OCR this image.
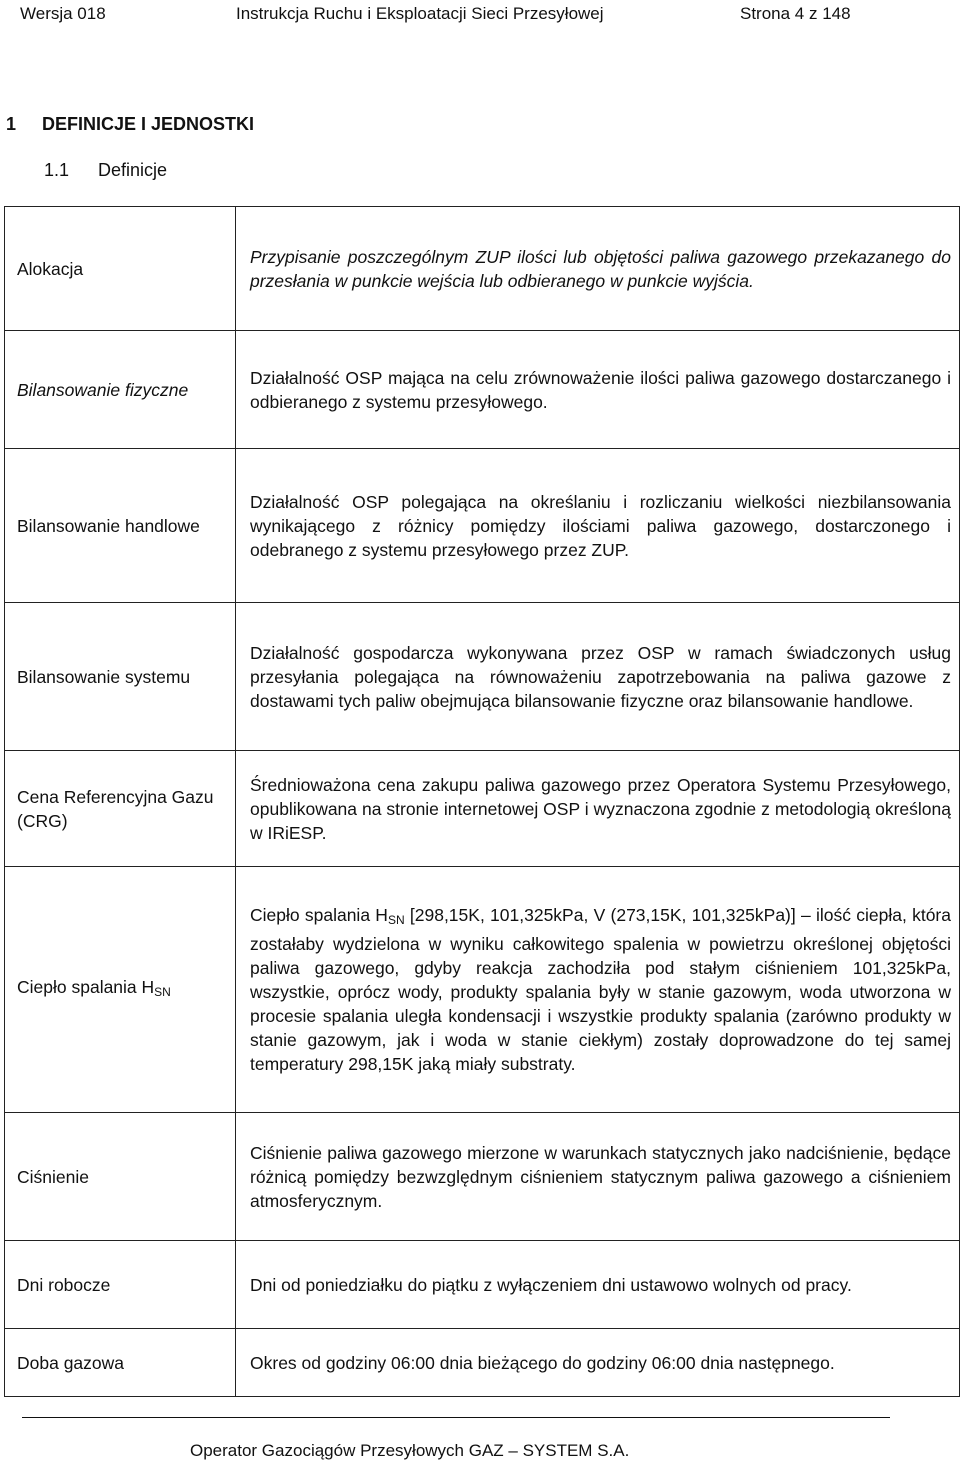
Wersja 018	Instrukcja Ruchu i Eksploatacji Sieci Przesyłowej	Strona 4 z 148
1 DEFINICJE I JEDNOSTKI
1.1 Definicje
Alokacja	Przypisanie poszczególnym ZUP ilości lub objętości paliwa gazowego przekazanego do przesłania w punkcie wejścia lub odbieranego w punkcie wyjścia.
Bilansowanie fizyczne	Działalność OSP mająca na celu zrównoważenie ilości paliwa gazowego dostarczanego i odbieranego z systemu przesyłowego.
Bilansowanie handlowe	Działalność OSP polegająca na określaniu i rozliczaniu wielkości niezbilansowania wynikającego z różnicy pomiędzy ilościami paliwa gazowego, dostarczonego i odebranego z systemu przesyłowego przez ZUP.
Bilansowanie systemu	Działalność gospodarcza wykonywana przez OSP w ramach świadczonych usług przesyłania polegająca na równoważeniu zapotrzebowania na paliwa gazowe z dostawami tych paliw obejmująca bilansowanie fizyczne oraz bilansowanie handlowe.
Cena Referencyjna Gazu (CRG)	Średnioważona cena zakupu paliwa gazowego przez Operatora Systemu Przesyłowego, opublikowana na stronie internetowej OSP i wyznaczona zgodnie z metodologią określoną w IRiESP.
Ciepło spalania $H_{SN}$	Ciepło spalania $H_{SN}$ [298,15K, 101,325kPa, V (273,15K, 101,325kPa)] – ilość ciepła, która zostałaby wydzielona w wyniku całkowitego spalenia w powietrzu określonej objętości paliwa gazowego, gdyby reakcja zachodziła pod stałym ciśnieniem 101,325kPa, wszystkie, oprócz wody, produkty spalania były w stanie gazowym, woda utworzona w procesie spalania uległa kondensacji i wszystkie produkty spalania (zarówno produkty w stanie gazowym, jak i woda w stanie ciekłym) zostały doprowadzone do tej samej temperatury 298,15K jaką miały substraty.
Ciśnienie	Ciśnienie paliwa gazowego mierzone w warunkach statycznych jako nadciśnienie, będące różnicą pomiędzy bezwzględnym ciśnieniem statycznym paliwa gazowego a ciśnieniem atmosferycznym.
Dni robocze	Dni od poniedziałku do piątku z wyłączeniem dni ustawowo wolnych od pracy.
Doba gazowa	Okres od godziny 06:00 dnia bieżącego do godziny 06:00 dnia następnego.
Operator Gazociągów Przesyłowych GAZ – SYSTEM S.A.
